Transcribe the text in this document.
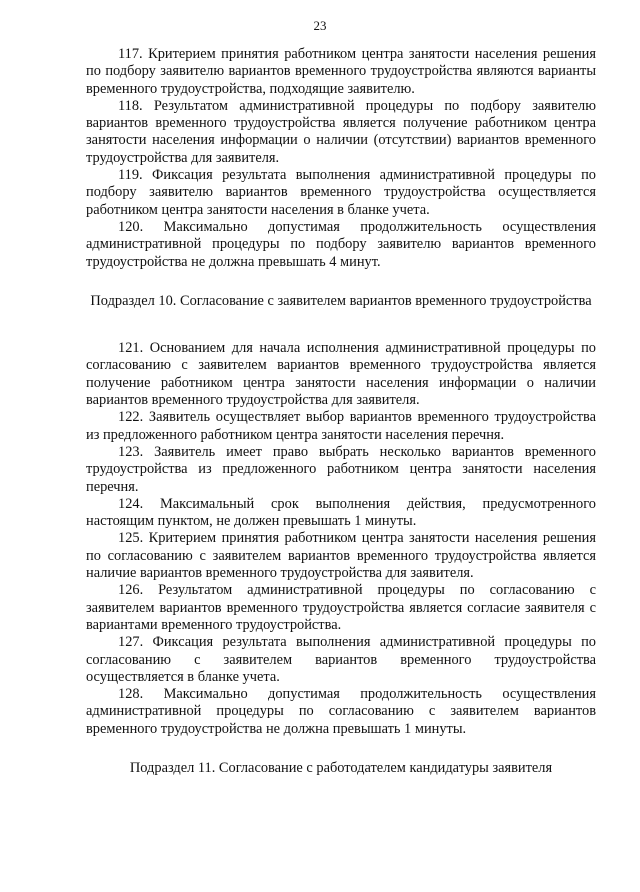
23

117. Критерием принятия работником центра занятости населения решения по подбору заявителю вариантов временного трудоустройства являются варианты временного трудоустройства, подходящие заявителю.

118. Результатом административной процедуры по подбору заявителю вариантов временного трудоустройства является получение работником центра занятости населения информации о наличии (отсутствии) вариантов временного трудоустройства для заявителя.

119. Фиксация результата выполнения административной процедуры по подбору заявителю вариантов временного трудоустройства осуществляется работником центра занятости населения в бланке учета.

120. Максимально допустимая продолжительность осуществления административной процедуры по подбору заявителю вариантов временного трудоустройства не должна превышать 4 минут.

Подраздел 10. Согласование с заявителем вариантов временного трудоустройства

121. Основанием для начала исполнения административной процедуры по согласованию с заявителем вариантов временного трудоустройства является получение работником центра занятости населения информации о наличии вариантов временного трудоустройства для заявителя.

122. Заявитель осуществляет выбор вариантов временного трудоустройства из предложенного работником центра занятости населения перечня.

123. Заявитель имеет право выбрать несколько вариантов временного трудоустройства из предложенного работником центра занятости населения перечня.

124. Максимальный срок выполнения действия, предусмотренного настоящим пунктом, не должен превышать 1 минуты.

125. Критерием принятия работником центра занятости населения решения по согласованию с заявителем вариантов временного трудоустройства является наличие вариантов временного трудоустройства для заявителя.

126. Результатом административной процедуры по согласованию с заявителем вариантов временного трудоустройства является согласие заявителя с вариантами временного трудоустройства.

127. Фиксация результата выполнения административной процедуры по согласованию с заявителем вариантов временного трудоустройства осуществляется в бланке учета.

128. Максимально допустимая продолжительность осуществления административной процедуры по согласованию с заявителем вариантов временного трудоустройства не должна превышать 1 минуты.

Подраздел 11. Согласование с работодателем кандидатуры заявителя
